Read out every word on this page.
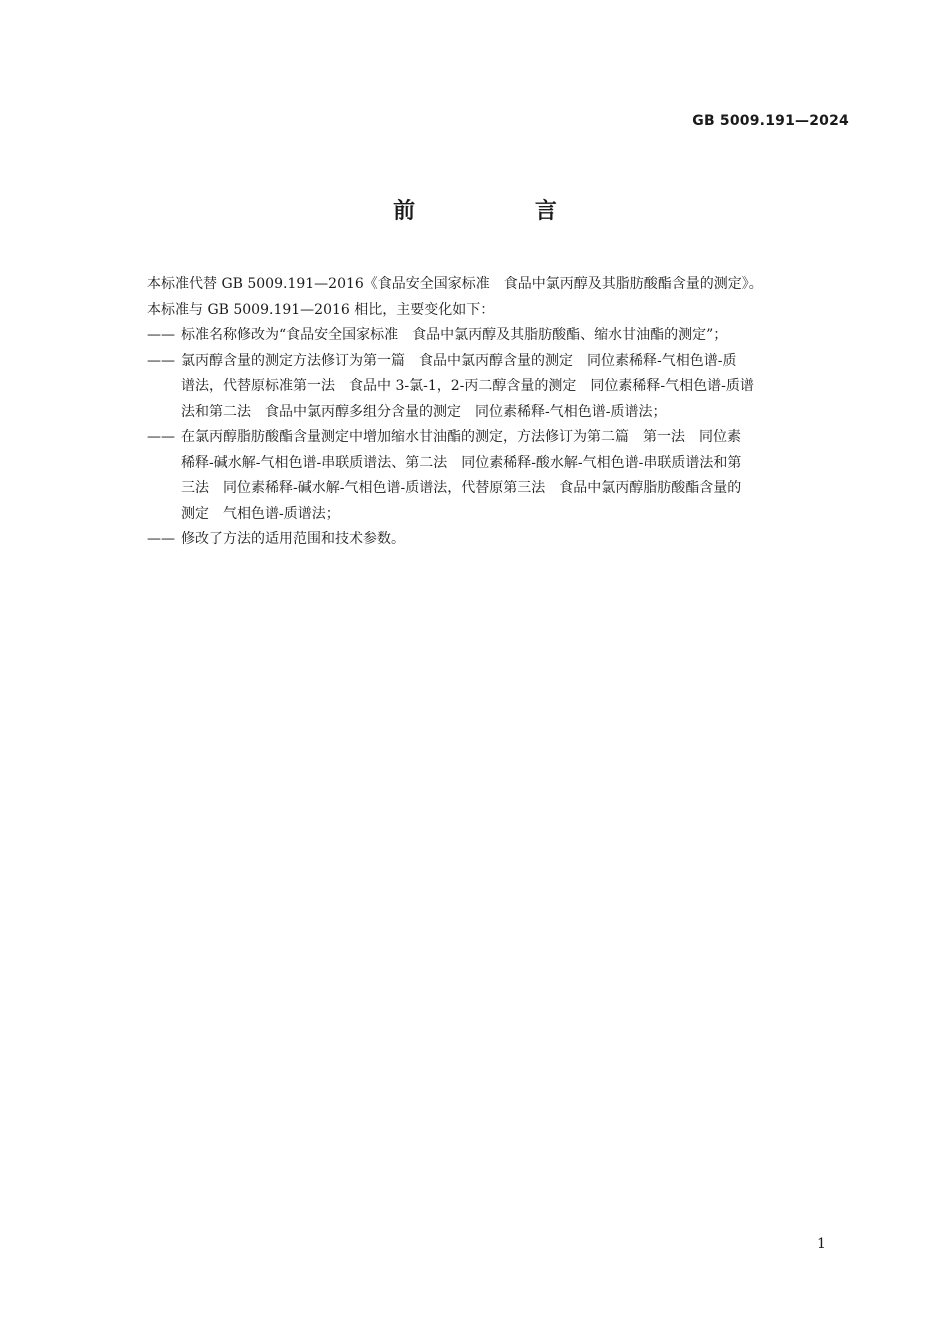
GB 5009.191—2024
前 言

本标准代替 GB 5009.191—2016《食品安全国家标准　食品中氯丙醇及其脂肪酸酯含量的测定》。

本标准与 GB 5009.191—2016 相比，主要变化如下：

—— 标准名称修改为“食品安全国家标准　食品中氯丙醇及其脂肪酸酯、缩水甘油酯的测定”；
—— 氯丙醇含量的测定方法修订为第一篇　食品中氯丙醇含量的测定　同位素稀释-气相色谱-质
谱法，代替原标准第一法　食品中 3-氯-1，2-丙二醇含量的测定　同位素稀释-气相色谱-质谱
法和第二法　食品中氯丙醇多组分含量的测定　同位素稀释-气相色谱-质谱法；
—— 在氯丙醇脂肪酸酯含量测定中增加缩水甘油酯的测定，方法修订为第二篇　第一法　同位素
稀释-碱水解-气相色谱-串联质谱法、第二法　同位素稀释-酸水解-气相色谱-串联质谱法和第
三法　同位素稀释-碱水解-气相色谱-质谱法，代替原第三法　食品中氯丙醇脂肪酸酯含量的
测定　气相色谱-质谱法；
—— 修改了方法的适用范围和技术参数。
1
